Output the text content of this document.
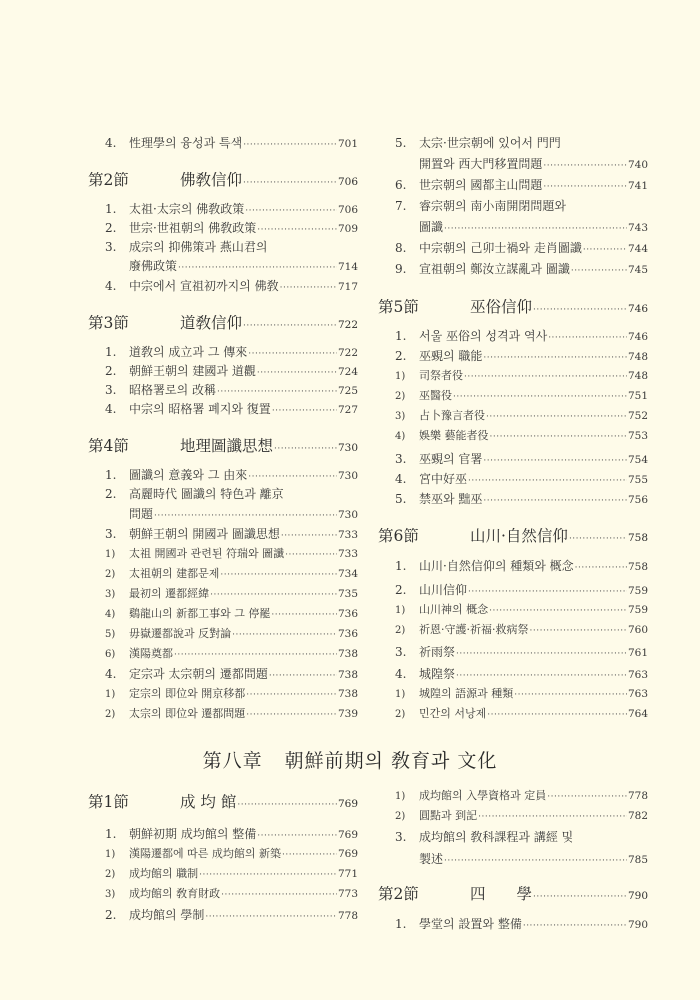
4.	性理學의 융성과 특색 ·····	701
第2節	佛敎信仰 ·····	706
1.	太祖·太宗의 佛敎政策 ·····	706
2.	世宗·世祖朝의 佛敎政策 ·····	709
3.	成宗의 抑佛策과 燕山君의
廢佛政策 ·····	714
4.	中宗에서 宣祖初까지의 佛敎 ·····	717
第3節	道敎信仰 ·····	722
1.	道敎의 成立과 그 傳來 ·····	722
2.	朝鮮王朝의 建國과 道觀 ·····	724
3.	昭格署로의 改稱 ·····	725
4.	中宗의 昭格署 폐지와 復置 ·····	727
第4節	地理圖讖思想 ·····	730
1.	圖讖의 意義와 그 由來 ·····	730
2.	高麗時代 圖讖의 特色과 離京
問題 ·····	730
3.	朝鮮王朝의 開國과 圖讖思想 ·····	733
1)	太祖 開國과 관련된 符瑞와 圖讖 ·····	733
2)	太祖朝의 建都문제 ·····	734
3)	最初의 遷都經緯 ·····	735
4)	鷄龍山의 新都工事와 그 停罷 ·····	736
5)	毋嶽遷都說과 反對論 ·····	736
6)	漢陽奠都 ·····	738
4.	定宗과 太宗朝의 遷都問題 ·····	738
1)	定宗의 即位와 開京移都 ·····	738
2)	太宗의 即位와 遷都問題 ·····	739
5.	太宗·世宗朝에 있어서 門門
開置와 西大門移置問題 ·····	740
6.	世宗朝의 國都主山問題 ·····	741
7.	睿宗朝의 南小南開閉問題와
圖讖 ·····	743
8.	中宗朝의 己卯士禍와 走肖圖讖 ·····	744
9.	宣祖朝의 鄭汝立謀亂과 圖讖 ·····	745
第5節	巫俗信仰 ·····	746
1.	서울 巫俗의 성격과 역사 ·····	746
2.	巫覡의 職能 ·····	748
1)	司祭者役 ·····	748
2)	巫醫役 ·····	751
3)	占卜豫言者役 ·····	752
4)	娛樂 藝能者役 ·····	753
3.	巫覡의 官署 ·····	754
4.	宮中好巫 ·····	755
5.	禁巫와 黜巫 ·····	756
第6節	山川·自然信仰 ·····	758
1.	山川·自然信仰의 種類와 概念 ·····	758
2.	山川信仰 ·····	759
1)	山川神의 概念 ·····	759
2)	祈恩·守護·祈福·救病祭 ·····	760
3.	祈雨祭 ·····	761
4.	城隍祭 ·····	763
1)	城隍의 語源과 種類 ·····	763
2)	민간의 서낭제 ·····	764
第八章 朝鮮前期의 敎育과 文化
第1節	成 均 館 ·····	769
1.	朝鮮初期 成均館의 整備 ·····	769
1)	漢陽遷都에 따른 成均館의 新築 ·····	769
2)	成均館의 職制 ·····	771
3)	成均館의 敎育財政 ·····	773
2.	成均館의 學制 ·····	778
1)	成均館의 入學資格과 定員 ·····	778
2)	圓點과 到記 ·····	782
3.	成均館의 敎科課程과 講經 및
製述 ·····	785
第2節	四　　學 ·····	790
1.	學堂의 設置와 整備 ·····	790
